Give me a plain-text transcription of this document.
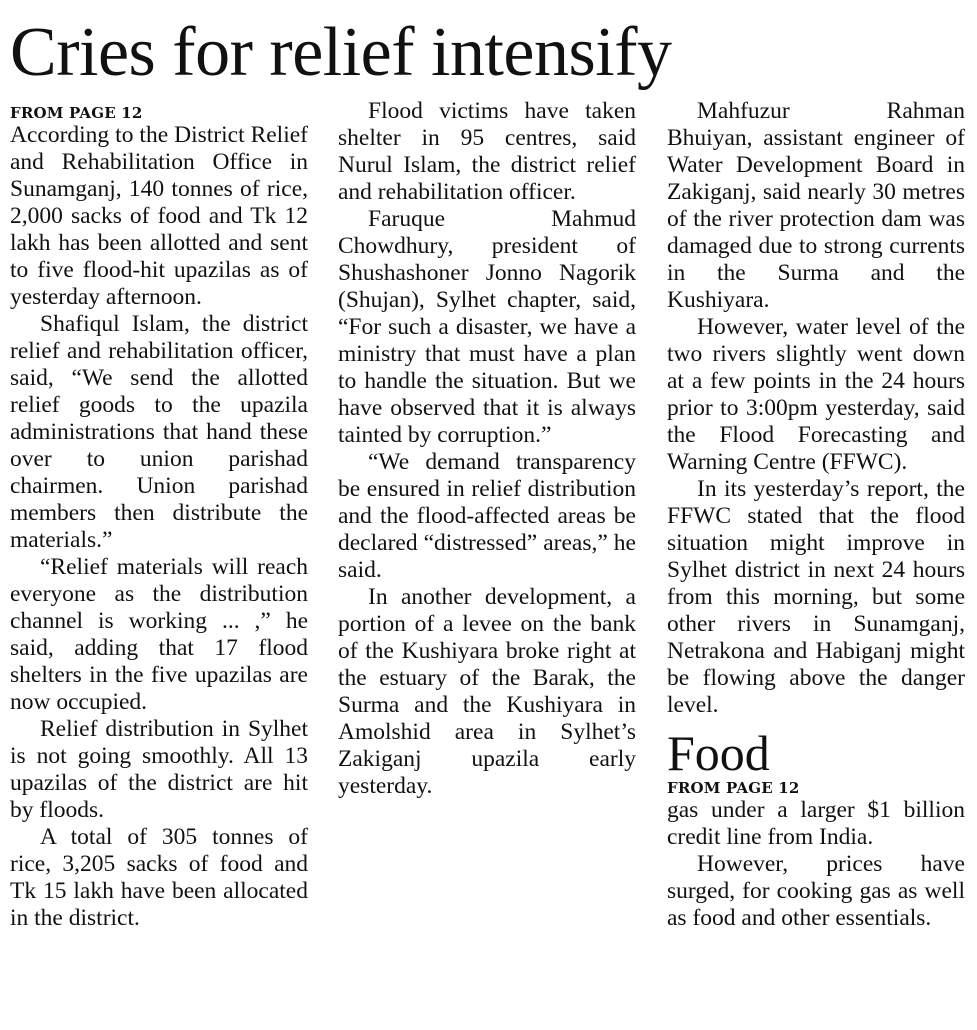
Cries for relief intensify

FROM PAGE 12

According to the District Relief and Rehabilitation Office in Sunamganj, 140 tonnes of rice, 2,000 sacks of food and Tk 12 lakh has been allotted and sent to five flood-hit upazilas as of yesterday afternoon.

Shafiqul Islam, the district relief and rehabilitation officer, said, “We send the allotted relief goods to the upazila administrations that hand these over to union parishad chairmen. Union parishad members then distribute the materials.”

“Relief materials will reach everyone as the distribution channel is working ... ,” he said, adding that 17 flood shelters in the five upazilas are now occupied.

Relief distribution in Sylhet is not going smoothly. All 13 upazilas of the district are hit by floods.

A total of 305 tonnes of rice, 3,205 sacks of food and Tk 15 lakh have been allocated in the district.

Flood victims have taken shelter in 95 centres, said Nurul Islam, the district relief and rehabilitation officer.

Faruque Mahmud Chowdhury, president of Shushashoner Jonno Nagorik (Shujan), Sylhet chapter, said, “For such a disaster, we have a ministry that must have a plan to handle the situation. But we have observed that it is always tainted by corruption.”

“We demand transparency be ensured in relief distribution and the flood-affected areas be declared “distressed” areas,” he said.

In another development, a portion of a levee on the bank of the Kushiyara broke right at the estuary of the Barak, the Surma and the Kushiyara in Amolshid area in Sylhet’s Zakiganj upazila early yesterday.

Mahfuzur Rahman Bhuiyan, assistant engineer of Water Development Board in Zakiganj, said nearly 30 metres of the river protection dam was damaged due to strong currents in the Surma and the Kushiyara.

However, water level of the two rivers slightly went down at a few points in the 24 hours prior to 3:00pm yesterday, said the Flood Forecasting and Warning Centre (FFWC).

In its yesterday’s report, the FFWC stated that the flood situation might improve in Sylhet district in next 24 hours from this morning, but some other rivers in Sunamganj, Netrakona and Habiganj might be flowing above the danger level.

Food

FROM PAGE 12

gas under a larger $1 billion credit line from India.

However, prices have surged, for cooking gas as well as food and other essentials.
